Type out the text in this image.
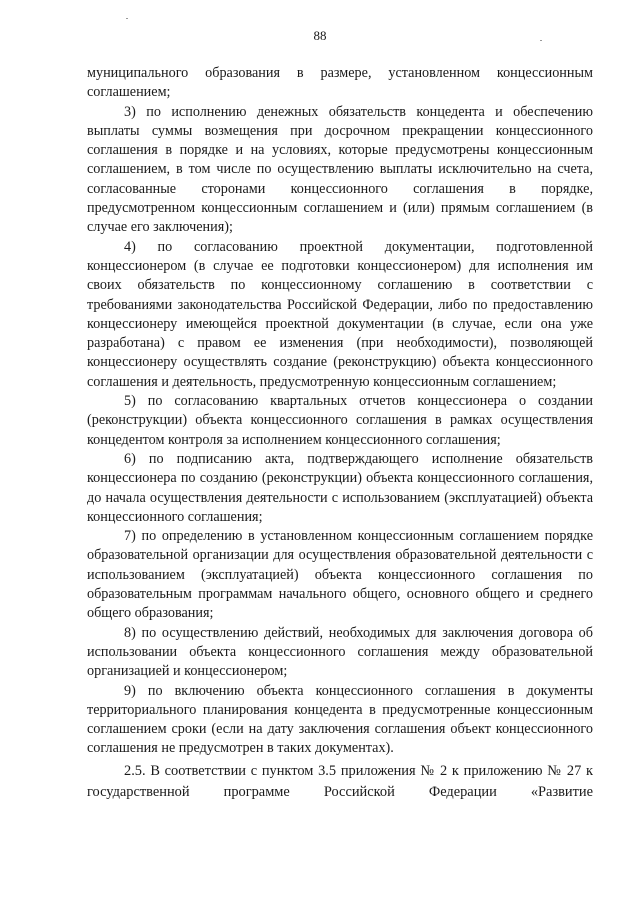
88

муниципального образования в размере, установленном концессионным соглашением;

3) по исполнению денежных обязательств концедента и обеспечению выплаты суммы возмещения при досрочном прекращении концессионного соглашения в порядке и на условиях, которые предусмотрены концессионным соглашением, в том числе по осуществлению выплаты исключительно на счета, согласованные сторонами концессионного соглашения в порядке, предусмотренном концессионным соглашением и (или) прямым соглашением (в случае его заключения);

4) по согласованию проектной документации, подготовленной концессионером (в случае ее подготовки концессионером) для исполнения им своих обязательств по концессионному соглашению в соответствии с требованиями законодательства Российской Федерации, либо по предоставлению концессионеру имеющейся проектной документации (в случае, если она уже разработана) с правом ее изменения (при необходимости), позволяющей концессионеру осуществлять создание (реконструкцию) объекта концессионного соглашения и деятельность, предусмотренную концессионным соглашением;

5) по согласованию квартальных отчетов концессионера о создании (реконструкции) объекта концессионного соглашения в рамках осуществления концедентом контроля за исполнением концессионного соглашения;

6) по подписанию акта, подтверждающего исполнение обязательств концессионера по созданию (реконструкции) объекта концессионного соглашения, до начала осуществления деятельности с использованием (эксплуатацией) объекта концессионного соглашения;

7) по определению в установленном концессионным соглашением порядке образовательной организации для осуществления образовательной деятельности с использованием (эксплуатацией) объекта концессионного соглашения по образовательным программам начального общего, основного общего и среднего общего образования;

8) по осуществлению действий, необходимых для заключения договора об использовании объекта концессионного соглашения между образовательной организацией и концессионером;

9) по включению объекта концессионного соглашения в документы территориального планирования концедента в предусмотренные концессионным соглашением сроки (если на дату заключения соглашения объект концессионного соглашения не предусмотрен в таких документах).

2.5. В соответствии с пунктом 3.5 приложения № 2 к приложению № 27 к государственной программе Российской Федерации «Развитие
